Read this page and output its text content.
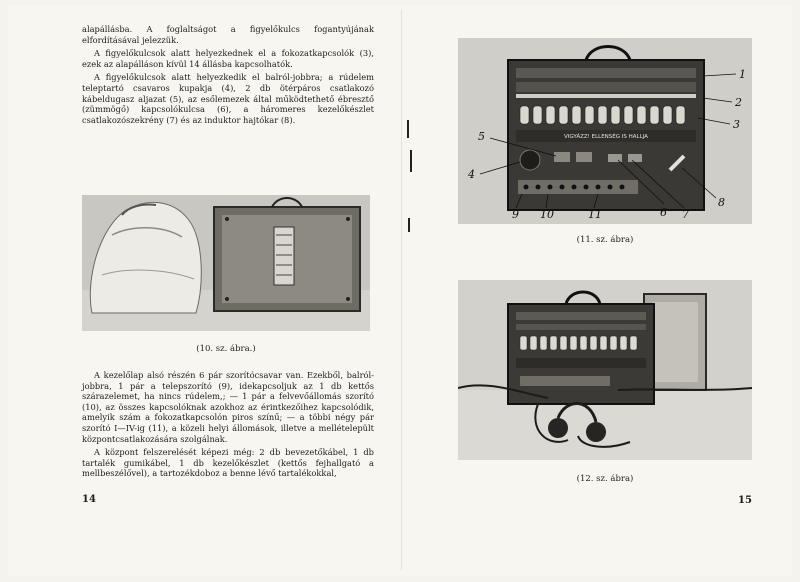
alapállásba. A foglaltságot a figyelőkulcs fogantyújának elfordításával jelezzük.

A figyelőkulcsok alatt helyezkednek el a fokozatkapcsolók (3), ezek az alapálláson kívül 14 állásba kapcsolhatók.

A figyelőkulcsok alatt helyezkedik el balról-jobbra; a rúdelem teleptartó csavaros kupakja (4), 2 db ötérpáros csatlakozó kábeldugasz aljazat (5), az esőlemezek által működtethető ébresztő (zümmögő) kapcsolókulcsa (6), a háromeres kezelőkészlet csatlakozószekrény (7) és az induktor hajtókar (8).

(10. sz. ábra.)

A kezelőlap alsó részén 6 pár szorítócsavar van. Ezekből, balról-jobbra, 1 pár a telepszorító (9), idekapcsoljuk az 1 db kettős szárazelemet, ha nincs rúdelem,; — 1 pár a felvevőállomás szorító (10), az összes kapcsolóknak azokhoz az érintkezőihez kapcsolódik, amelyik szám a fokozatkapcsolón piros színű; — a többi négy pár szorító I—IV-ig (11), a közeli helyi állomások, illetve a mellételepült központcsatlakozására szolgálnak.

A központ felszerelését képezi még: 2 db bevezetőkábel, 1 db tartalék gumikábel, 1 db kezelőkészlet (kettős fejhallgató a mellbeszélővel), a tartozékdoboz a benne lévő tartalékokkal,

14
1
2
3
4
5
6 7
8
9 10	11
VIGYÁZZ! ELLENSÉG IS HALLJA
(11. sz. ábra)
(12. sz. ábra)
15
